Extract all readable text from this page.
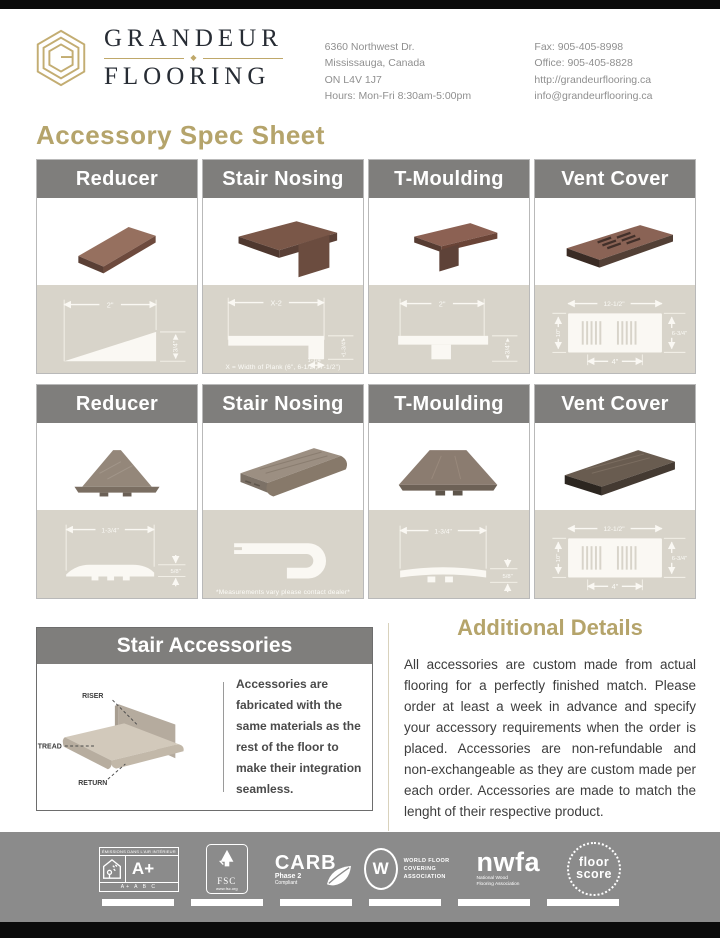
GRANDEUR
◆
FLOORING
6360 Northwest Dr.
Mississauga, Canada
ON L4V 1J7
Hours: Mon-Fri 8:30am-5:00pm
Fax: 905-405-8998
Office: 905-405-8828
http://grandeurflooring.ca
info@grandeurflooring.ca
Accessory Spec Sheet
Reducer
2"
3/4"
Stair Nosing
X-2
1-3/4"
1-1/4"
X = Width of Plank (6", 6-1/2", 7-1/2")
T-Moulding
2"
3/4"
Vent Cover
12-1/2"
10"	6-3/4"
4"
Reducer
1-3/4"
5/8"
Stair Nosing
*Measurements vary please contact dealer*
T-Moulding
1-3/4"
5/8"
Vent Cover
12-1/2"
10"	6-3/4"
4"
Stair Accessories
RISER
TREAD
RETURN
Accessories are fabricated with the same materials as the rest of the floor to make their integration seamless.
Additional Details
All accessories are custom made from actual flooring for a perfectly finished match. Please order at least a week in advance and specify your accessory requirements when the order is placed. Accessories are non-refundable and non-exchangeable as they are custom made per each order. Accessories are made to match the lenght of their respective product.
ÉMISSIONS DANS L'AIR INTÉRIEUR
A+
A+ A B C
FSC
www.fsc.org
CARB
Phase 2
Compliant
W	WORLD FLOOR
COVERING
ASSOCIATION
nwfa
National Wood
Flooring Association
floor
score
